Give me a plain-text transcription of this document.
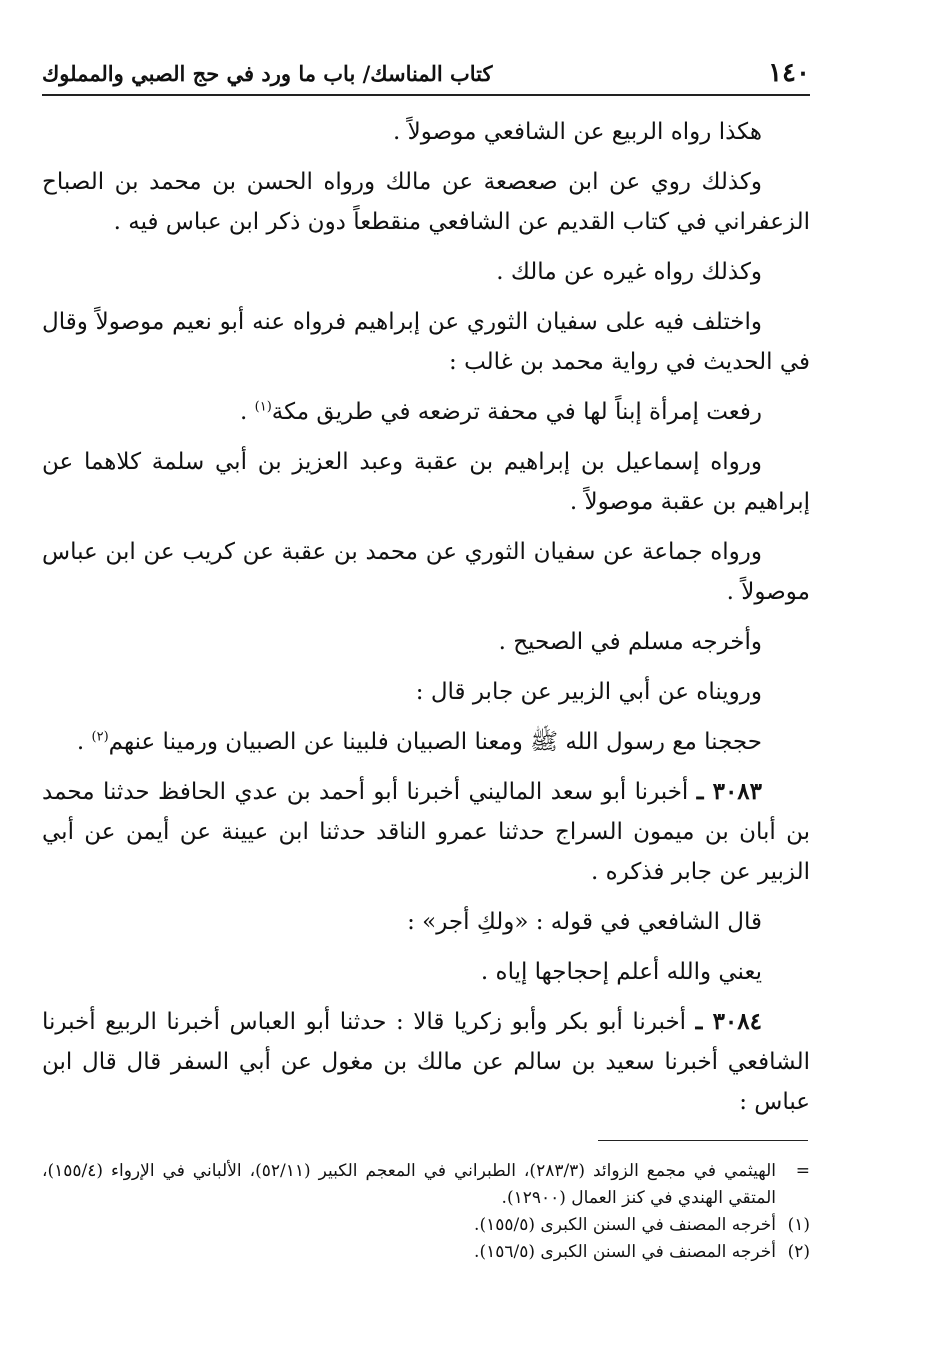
١٤٠
كتاب المناسك/ باب ما ورد في حج الصبي والمملوك

هكذا رواه الربيع عن الشافعي موصولاً .

وكذلك روي عن ابن صعصعة عن مالك ورواه الحسن بن محمد بن الصباح الزعفراني في كتاب القديم عن الشافعي منقطعاً دون ذكر ابن عباس فيه .

وكذلك رواه غيره عن مالك .

واختلف فيه على سفيان الثوري عن إبراهيم فرواه عنه أبو نعيم موصولاً وقال في الحديث في رواية محمد بن غالب :

رفعت إمرأة إبناً لها في محفة ترضعه في طريق مكة$^{(١)}$ .

ورواه إسماعيل بن إبراهيم بن عقبة وعبد العزيز بن أبي سلمة كلاهما عن إبراهيم بن عقبة موصولاً .

ورواه جماعة عن سفيان الثوري عن محمد بن عقبة عن كريب عن ابن عباس موصولاً .

وأخرجه مسلم في الصحيح .

ورويناه عن أبي الزبير عن جابر قال :

حججنا مع رسول الله ﷺ ومعنا الصبيان فلبينا عن الصبيان ورمينا عنهم$^{(٢)}$ .

٣٠٨٣ ـ أخبرنا أبو سعد الماليني أخبرنا أبو أحمد بن عدي الحافظ حدثنا محمد بن أبان بن ميمون السراج حدثنا عمرو الناقد حدثنا ابن عيينة عن أيمن عن أبي الزبير عن جابر فذكره .

قال الشافعي في قوله : «ولكِ أجر» :

يعني والله أعلم إحجاجها إياه .

٣٠٨٤ ـ أخبرنا أبو بكر وأبو زكريا قالا : حدثنا أبو العباس أخبرنا الربيع أخبرنا الشافعي أخبرنا سعيد بن سالم عن مالك بن مغول عن أبي السفر قال قال ابن عباس :

=
الهيثمي في مجمع الزوائد (٢٨٣/٣)، الطبراني في المعجم الكبير (٥٢/١١)، الألباني في الإرواء (١٥٥/٤)، المتقي الهندي في كنز العمال (١٢٩٠٠).
(١)
أخرجه المصنف في السنن الكبرى (١٥٥/٥).
(٢)
أخرجه المصنف في السنن الكبرى (١٥٦/٥).
